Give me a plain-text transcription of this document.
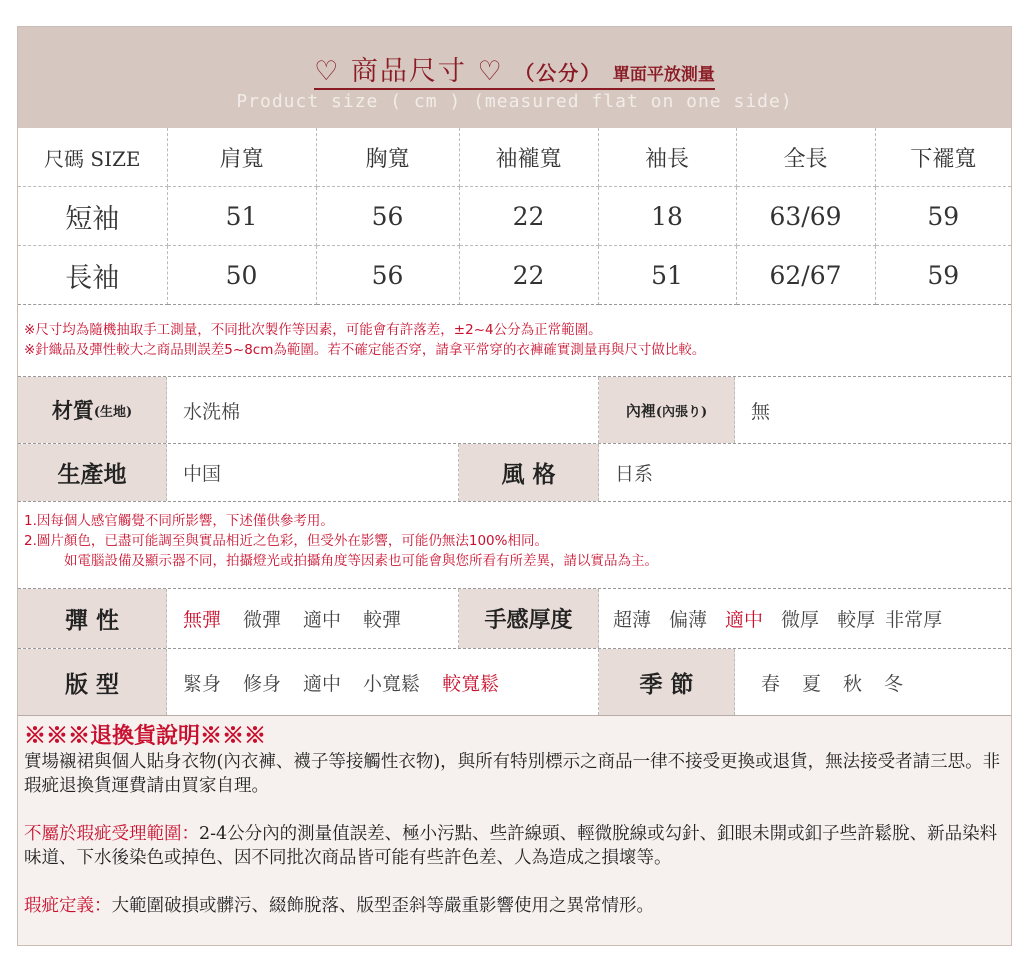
♡ 商品尺寸 ♡ （公分） 單面平放測量
Product size ( cm ) (measured flat on one side)
尺碼 SIZE	肩寬	胸寬	袖襱寬	袖長	全長	下襬寬
短袖	51	56	22	18	63/69	59
長袖	50	56	22	51	62/67	59
※尺寸均為隨機抽取手工測量，不同批次製作等因素，可能會有許落差，±2~4公分為正常範圍。
※針織品及彈性較大之商品則誤差5~8cm為範圍。若不確定能否穿，請拿平常穿的衣褲確實測量再與尺寸做比較。
材質 (生地)	水洗棉	內裡 (內張り)	無
生產地	中国	風 格	日系
1.因每個人感官觸覺不同所影響，下述僅供參考用。
2.圖片顏色，已盡可能調至與實品相近之色彩，但受外在影響，可能仍無法100%相同。
如電腦設備及顯示器不同，拍攝燈光或拍攝角度等因素也可能會與您所看有所差異，請以實品為主。
彈 性	無彈 微彈 適中 較彈	手感厚度	超薄 偏薄 適中 微厚 較厚 非常厚
版 型	緊身 修身 適中 小寬鬆 較寬鬆	季 節	春 夏 秋 冬
※※※退換貨說明※※※

實場襯裙與個人貼身衣物(內衣褲、襪子等接觸性衣物)，與所有特別標示之商品一律不接受更換或退貨，無法接受者請三思。非瑕疵退換貨運費請由買家自理。

不屬於瑕疵受理範圍：2-4公分內的測量值誤差、極小污點、些許線頭、輕微脫線或勾針、釦眼未開或釦子些許鬆脫、新品染料味道、下水後染色或掉色、因不同批次商品皆可能有些許色差、人為造成之損壞等。

瑕疵定義：大範圍破損或髒污、綴飾脫落、版型歪斜等嚴重影響使用之異常情形。
